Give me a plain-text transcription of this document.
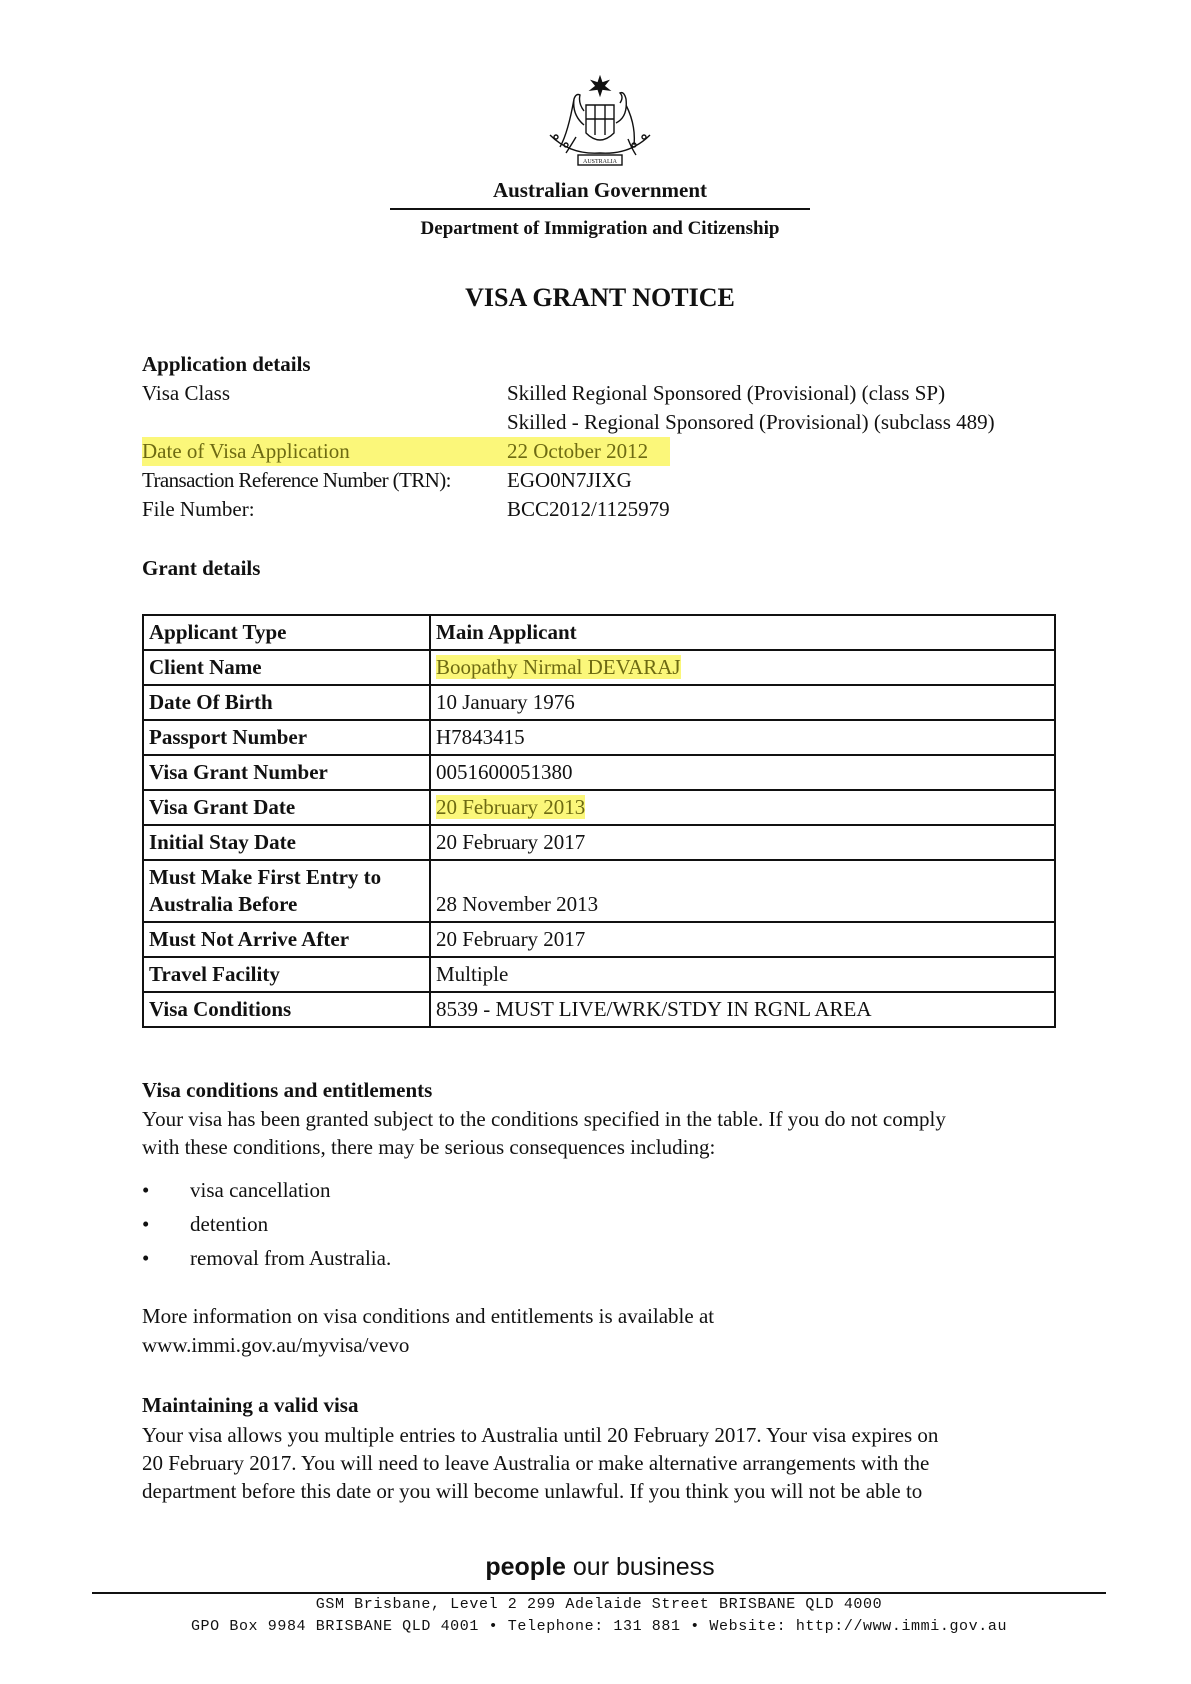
AUSTRALIA
Australian Government
Department of Immigration and Citizenship
VISA GRANT NOTICE
Application details
Visa Class	Skilled Regional Sponsored (Provisional) (class SP)
Skilled - Regional Sponsored (Provisional) (subclass 489)
Date of Visa Application	22 October 2012
Transaction Reference Number (TRN):	EGO0N7JIXG
File Number:	BCC2012/1125979
Grant details
Applicant Type	Main Applicant
Client Name	Boopathy Nirmal DEVARAJ
Date Of Birth	10 January 1976
Passport Number	H7843415
Visa Grant Number	0051600051380
Visa Grant Date	20 February 2013
Initial Stay Date	20 February 2017
Must Make First Entry to
Australia Before	28 November 2013
Must Not Arrive After	20 February 2017
Travel Facility	Multiple
Visa Conditions	8539 - MUST LIVE/WRK/STDY IN RGNL AREA
Visa conditions and entitlements
Your visa has been granted subject to the conditions specified in the table. If you do not comply
with these conditions, there may be serious consequences including:
• visa cancellation
• detention
• removal from Australia.
More information on visa conditions and entitlements is available at
www.immi.gov.au/myvisa/vevo
Maintaining a valid visa
Your visa allows you multiple entries to Australia until 20 February 2017. Your visa expires on
20 February 2017. You will need to leave Australia or make alternative arrangements with the
department before this date or you will become unlawful. If you think you will not be able to
people our business
GSM Brisbane, Level 2 299 Adelaide Street BRISBANE QLD 4000
GPO Box 9984 BRISBANE QLD 4001 • Telephone: 131 881 • Website: http://www.immi.gov.au
